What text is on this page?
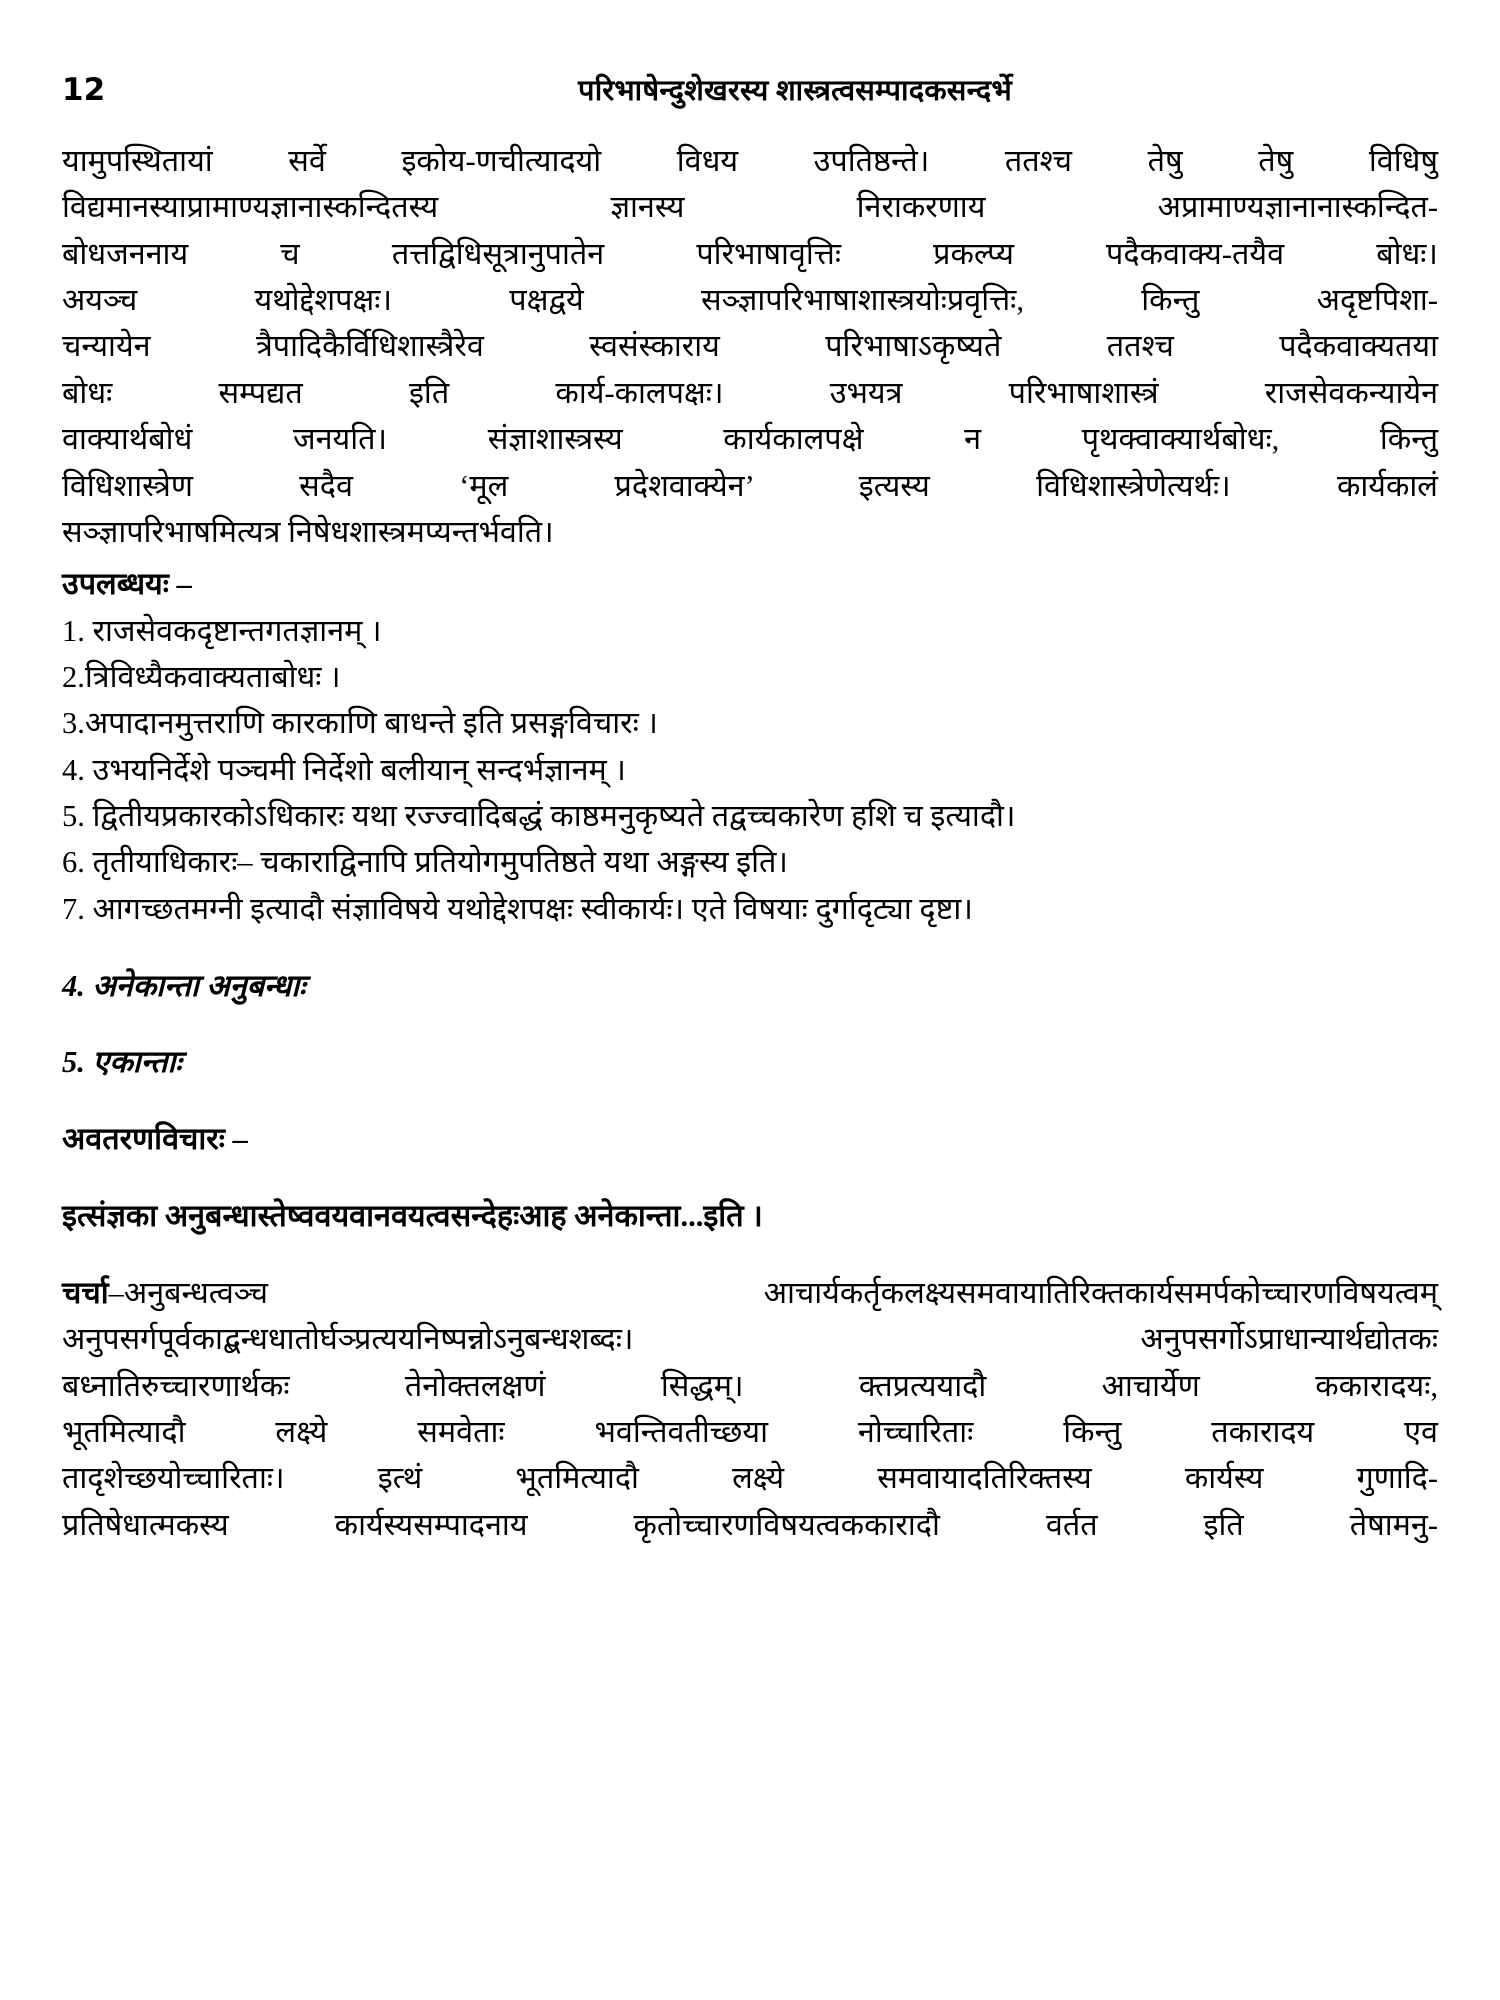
12	परिभाषेन्दुशेखरस्य शास्त्रत्वसम्पादकसन्दर्भे

यामुपस्थितायां सर्वे इकोय-णचीत्यादयो विधय उपतिष्ठन्ते। ततश्च तेषु तेषु विधिषु

विद्यमानस्याप्रामाण्यज्ञानास्कन्दितस्य ज्ञानस्य निराकरणाय अप्रामाण्यज्ञानानास्कन्दित-

बोधजननाय च तत्तद्विधिसूत्रानुपातेन परिभाषावृत्तिः प्रकल्प्य पदैकवाक्य-तयैव बोधः।

अयञ्च यथोद्देशपक्षः। पक्षद्वये सञ्ज्ञापरिभाषाशास्त्रयोःप्रवृत्तिः, किन्तु अदृष्टपिशा-

चन्यायेन त्रैपादिकैर्विधिशास्त्रैरेव स्वसंस्काराय परिभाषाऽकृष्यते ततश्च पदैकवाक्यतया

बोधः सम्पद्यत इति कार्य-कालपक्षः। उभयत्र परिभाषाशास्त्रं राजसेवकन्यायेन

वाक्यार्थबोधं जनयति। संज्ञाशास्त्रस्य कार्यकालपक्षे न पृथक्वाक्यार्थबोधः, किन्तु

विधिशास्त्रेण सदैव ‘मूल प्रदेशवाक्येन’ इत्यस्य विधिशास्त्रेणेत्यर्थः। कार्यकालं

सञ्ज्ञापरिभाषमित्यत्र निषेधशास्त्रमप्यन्तर्भवति।

उपलब्धयः –

1. राजसेवकदृष्टान्तगतज्ञानम् ।

2.त्रिविध्यैकवाक्यताबोधः ।

3.अपादानमुत्तराणि कारकाणि बाधन्ते इति प्रसङ्गविचारः ।

4. उभयनिर्देशे पञ्चमी निर्देशो बलीयान् सन्दर्भज्ञानम् ।

5. द्वितीयप्रकारकोऽधिकारः यथा रज्ज्वादिबद्धं काष्ठमनुकृष्यते तद्वच्चकारेण हशि च इत्यादौ।

6. तृतीयाधिकारः– चकाराद्विनापि प्रतियोगमुपतिष्ठते यथा अङ्गस्य इति।

7. आगच्छतमग्नी इत्यादौ संज्ञाविषये यथोद्देशपक्षः स्वीकार्यः। एते विषयाः दुर्गादृट्या दृष्टा।

4. अनेकान्ता अनुबन्धाः

5. एकान्ताः

अवतरणविचारः –

इत्संज्ञका अनुबन्धास्तेष्ववयवानवयत्वसन्देहःआह अनेकान्ता...इति ।

चर्चा–अनुबन्धत्वञ्च आचार्यकर्तृकलक्ष्यसमवायातिरिक्तकार्यसमर्पकोच्चारणविषयत्वम्

अनुपसर्गपूर्वकाद्बन्धधातोर्घञ्प्रत्ययनिष्पन्नोऽनुबन्धशब्दः। अनुपसर्गोऽप्राधान्यार्थद्योतकः

बध्नातिरुच्चारणार्थकः तेनोक्तलक्षणं सिद्धम्। क्तप्रत्ययादौ आचार्येण ककारादयः,

भूतमित्यादौ लक्ष्ये समवेताः भवन्तिवतीच्छया नोच्चारिताः किन्तु तकारादय एव

तादृशेच्छयोच्चारिताः। इत्थं भूतमित्यादौ लक्ष्ये समवायादतिरिक्तस्य कार्यस्य गुणादि-

प्रतिषेधात्मकस्य कार्यस्यसम्पादनाय कृतोच्चारणविषयत्वककारादौ वर्तत इति तेषामनु-
